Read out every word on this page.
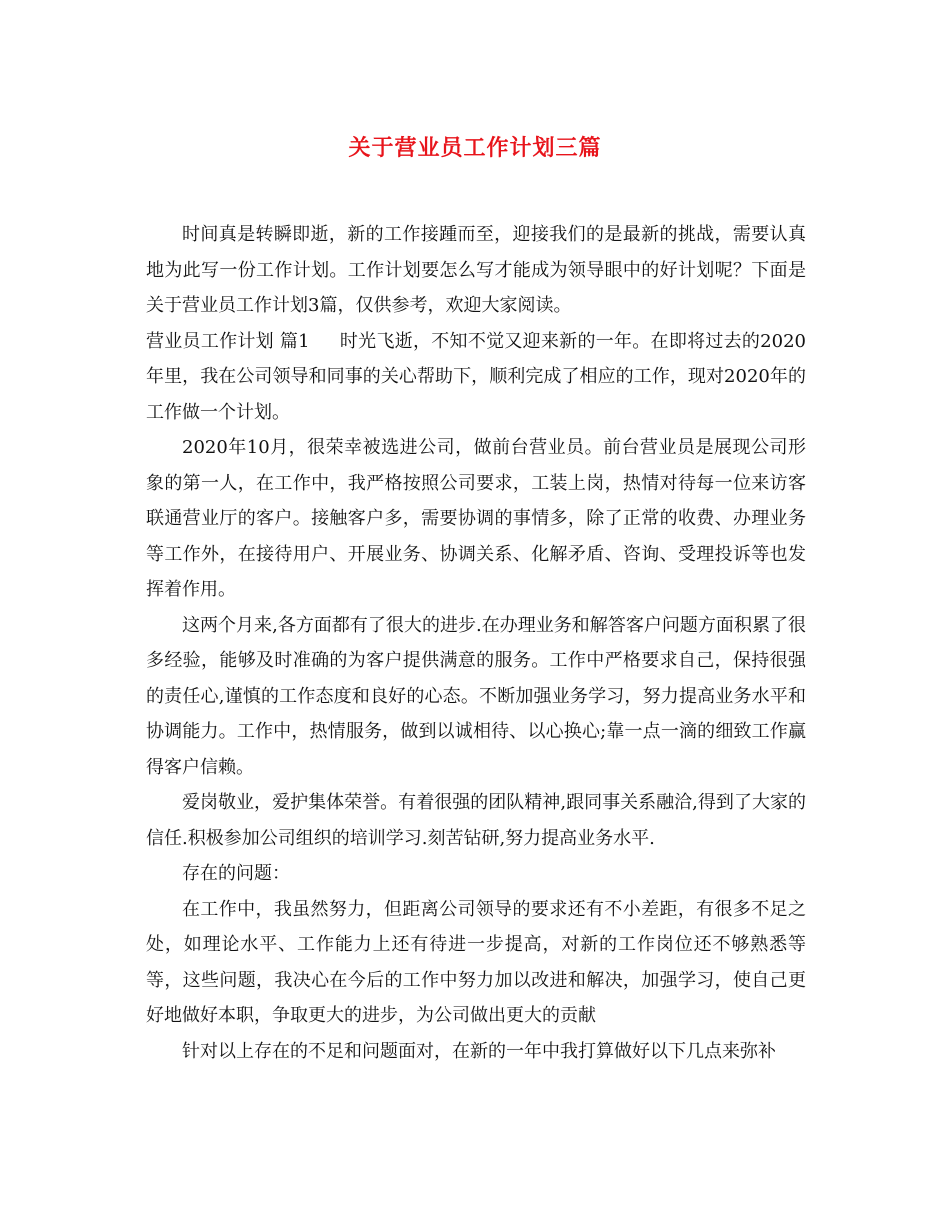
关于营业员工作计划三篇

时间真是转瞬即逝，新的工作接踵而至，迎接我们的是最新的挑战，需要认真地为此写一份工作计划。工作计划要怎么写才能成为领导眼中的好计划呢？下面是关于营业员工作计划3篇，仅供参考，欢迎大家阅读。

营业员工作计划 篇1 时光飞逝，不知不觉又迎来新的一年。在即将过去的2020年里，我在公司领导和同事的关心帮助下，顺利完成了相应的工作，现对2020年的工作做一个计划。

2020年10月，很荣幸被选进公司，做前台营业员。前台营业员是展现公司形象的第一人，在工作中，我严格按照公司要求，工装上岗，热情对待每一位来访客联通营业厅的客户。接触客户多，需要协调的事情多，除了正常的收费、办理业务等工作外，在接待用户、开展业务、协调关系、化解矛盾、咨询、受理投诉等也发挥着作用。

这两个月来,各方面都有了很大的进步.在办理业务和解答客户问题方面积累了很多经验，能够及时准确的为客户提供满意的服务。工作中严格要求自己，保持很强的责任心,谨慎的工作态度和良好的心态。不断加强业务学习，努力提高业务水平和协调能力。工作中，热情服务，做到以诚相待、以心换心;靠一点一滴的细致工作赢得客户信赖。

爱岗敬业，爱护集体荣誉。有着很强的团队精神,跟同事关系融洽,得到了大家的信任.积极参加公司组织的培训学习.刻苦钻研,努力提高业务水平.

存在的问题：

在工作中，我虽然努力，但距离公司领导的要求还有不小差距，有很多不足之处，如理论水平、工作能力上还有待进一步提高，对新的工作岗位还不够熟悉等等，这些问题，我决心在今后的工作中努力加以改进和解决，加强学习，使自己更好地做好本职，争取更大的进步，为公司做出更大的贡献

针对以上存在的不足和问题面对，在新的一年中我打算做好以下几点来弥补
